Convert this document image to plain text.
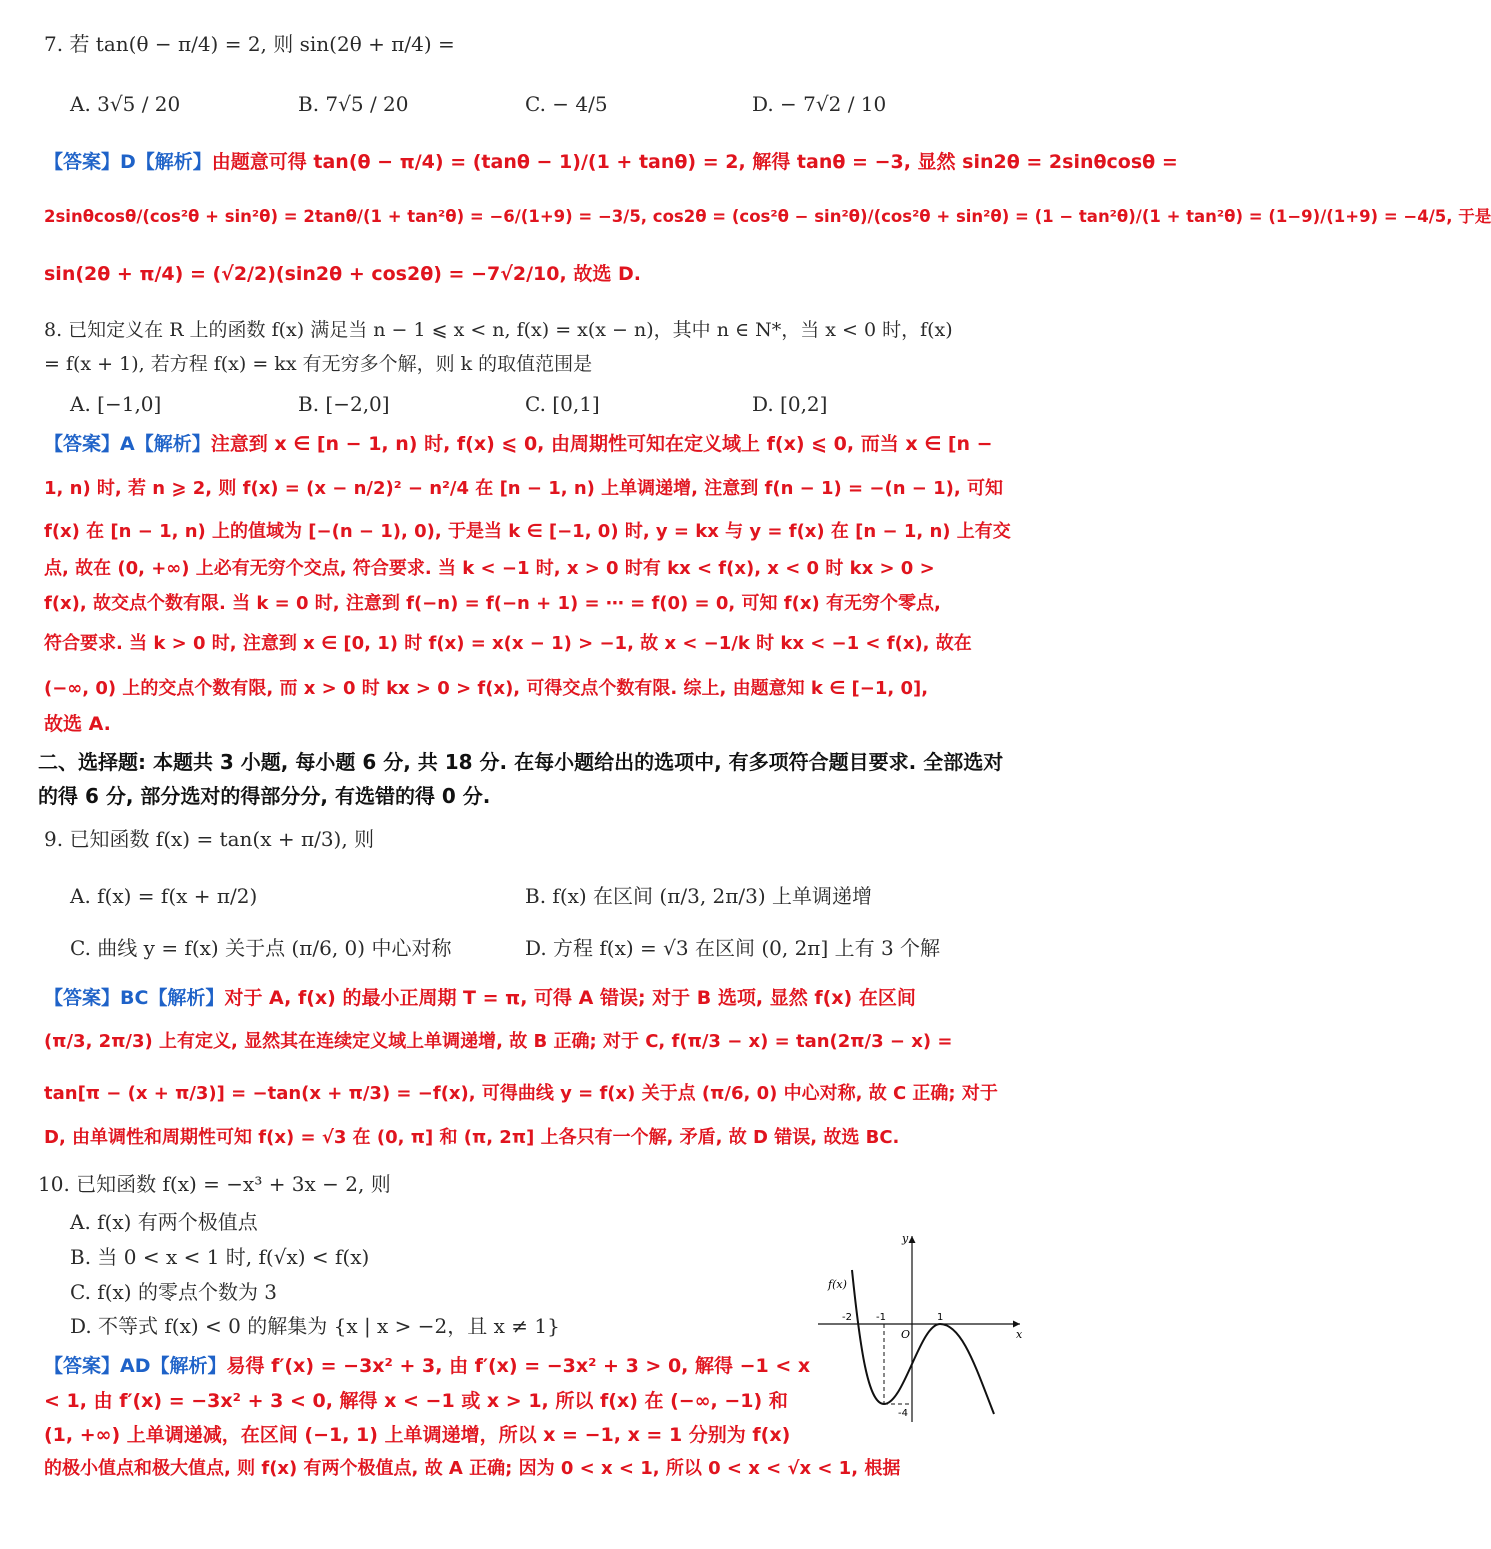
7. 若 tan(θ − π/4) = 2, 则 sin(2θ + π/4) =
A. 3√5 / 20	B. 7√5 / 20	C. − 4/5	D. − 7√2 / 10
【答案】D【解析】由题意可得 tan(θ − π/4) = (tanθ − 1)/(1 + tanθ) = 2, 解得 tanθ = −3, 显然 sin2θ = 2sinθcosθ =
2sinθcosθ/(cos²θ + sin²θ) = 2tanθ/(1 + tan²θ) = −6/(1+9) = −3/5, cos2θ = (cos²θ − sin²θ)/(cos²θ + sin²θ) = (1 − tan²θ)/(1 + tan²θ) = (1−9)/(1+9) = −4/5, 于是
sin(2θ + π/4) = (√2/2)(sin2θ + cos2θ) = −7√2/10, 故选 D.
8. 已知定义在 R 上的函数 f(x) 满足当 n − 1 ⩽ x < n, f(x) = x(x − n)，其中 n ∈ N*，当 x < 0 时，f(x)
= f(x + 1), 若方程 f(x) = kx 有无穷多个解，则 k 的取值范围是
A. [−1,0]	B. [−2,0]	C. [0,1]	D. [0,2]
【答案】A【解析】注意到 x ∈ [n − 1, n) 时, f(x) ⩽ 0, 由周期性可知在定义域上 f(x) ⩽ 0, 而当 x ∈ [n −
1, n) 时, 若 n ⩾ 2, 则 f(x) = (x − n/2)² − n²/4 在 [n − 1, n) 上单调递增, 注意到 f(n − 1) = −(n − 1), 可知
f(x) 在 [n − 1, n) 上的值域为 [−(n − 1), 0), 于是当 k ∈ [−1, 0) 时, y = kx 与 y = f(x) 在 [n − 1, n) 上有交
点, 故在 (0, +∞) 上必有无穷个交点, 符合要求. 当 k < −1 时, x > 0 时有 kx < f(x), x < 0 时 kx > 0 >
f(x), 故交点个数有限. 当 k = 0 时, 注意到 f(−n) = f(−n + 1) = ⋯ = f(0) = 0, 可知 f(x) 有无穷个零点,
符合要求. 当 k > 0 时, 注意到 x ∈ [0, 1) 时 f(x) = x(x − 1) > −1, 故 x < −1/k 时 kx < −1 < f(x), 故在
(−∞, 0) 上的交点个数有限, 而 x > 0 时 kx > 0 > f(x), 可得交点个数有限. 综上, 由题意知 k ∈ [−1, 0],
故选 A.
二、选择题: 本题共 3 小题, 每小题 6 分, 共 18 分. 在每小题给出的选项中, 有多项符合题目要求. 全部选对
的得 6 分, 部分选对的得部分分, 有选错的得 0 分.
9. 已知函数 f(x) = tan(x + π/3), 则
A. f(x) = f(x + π/2)	B. f(x) 在区间 (π/3, 2π/3) 上单调递增
C. 曲线 y = f(x) 关于点 (π/6, 0) 中心对称	D. 方程 f(x) = √3 在区间 (0, 2π] 上有 3 个解
【答案】BC【解析】对于 A, f(x) 的最小正周期 T = π, 可得 A 错误; 对于 B 选项, 显然 f(x) 在区间
(π/3, 2π/3) 上有定义, 显然其在连续定义域上单调递增, 故 B 正确; 对于 C, f(π/3 − x) = tan(2π/3 − x) =
tan[π − (x + π/3)] = −tan(x + π/3) = −f(x), 可得曲线 y = f(x) 关于点 (π/6, 0) 中心对称, 故 C 正确; 对于
D, 由单调性和周期性可知 f(x) = √3 在 (0, π] 和 (π, 2π] 上各只有一个解, 矛盾, 故 D 错误, 故选 BC.
10. 已知函数 f(x) = −x³ + 3x − 2, 则
A. f(x) 有两个极值点
B. 当 0 < x < 1 时, f(√x) < f(x)
C. f(x) 的零点个数为 3
D. 不等式 f(x) < 0 的解集为 {x | x > −2，且 x ≠ 1}
【答案】AD【解析】易得 f′(x) = −3x² + 3, 由 f′(x) = −3x² + 3 > 0, 解得 −1 < x
< 1, 由 f′(x) = −3x² + 3 < 0, 解得 x < −1 或 x > 1, 所以 f(x) 在 (−∞, −1) 和
(1, +∞) 上单调递减，在区间 (−1, 1) 上单调递增，所以 x = −1, x = 1 分别为 f(x)
的极小值点和极大值点, 则 f(x) 有两个极值点, 故 A 正确; 因为 0 < x < 1, 所以 0 < x < √x < 1, 根据
y
x
f(x)
O
-2 -1	1
-4
